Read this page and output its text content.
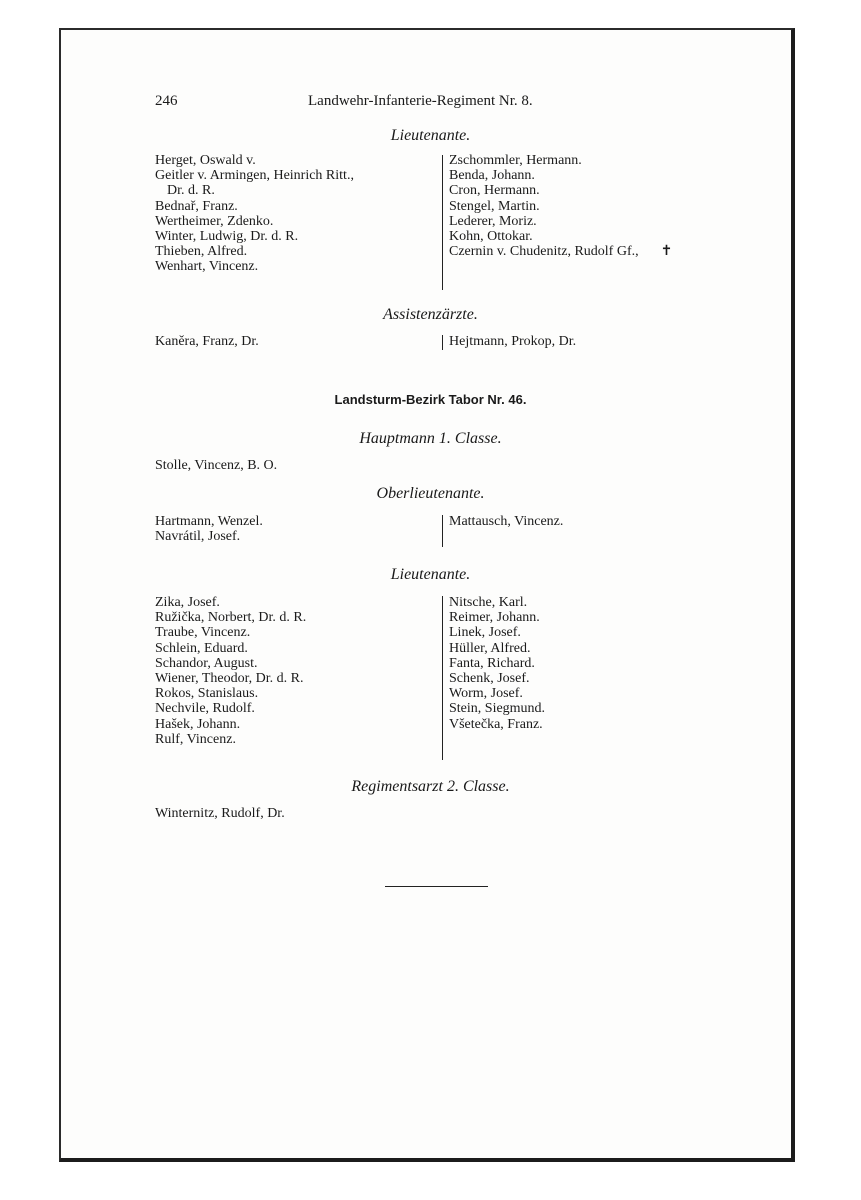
246	Landwehr-Infanterie-Regiment Nr. 8.
Lieutenante.
Herget, Oswald v.
Geitler v. Armingen, Heinrich Ritt.,
Dr. d. R.
Bednař, Franz.
Wertheimer, Zdenko.
Winter, Ludwig, Dr. d. R.
Thieben, Alfred.
Wenhart, Vincenz.
Zschommler, Hermann.
Benda, Johann.
Cron, Hermann.
Stengel, Martin.
Lederer, Moriz.
Kohn, Ottokar.
Czernin v. Chudenitz, Rudolf Gf., ✝
Assistenzärzte.
Kaněra, Franz, Dr.	Hejtmann, Prokop, Dr.
Landsturm-Bezirk Tabor Nr. 46.
Hauptmann 1. Classe.
Stolle, Vincenz, B. O.
Oberlieutenante.
Hartmann, Wenzel.
Navrátil, Josef.
Mattausch, Vincenz.
Lieutenante.
Zika, Josef.
Ružička, Norbert, Dr. d. R.
Traube, Vincenz.
Schlein, Eduard.
Schandor, August.
Wiener, Theodor, Dr. d. R.
Rokos, Stanislaus.
Nechvile, Rudolf.
Hašek, Johann.
Rulf, Vincenz.
Nitsche, Karl.
Reimer, Johann.
Linek, Josef.
Hüller, Alfred.
Fanta, Richard.
Schenk, Josef.
Worm, Josef.
Stein, Siegmund.
Všetečka, Franz.
Regimentsarzt 2. Classe.
Winternitz, Rudolf, Dr.
